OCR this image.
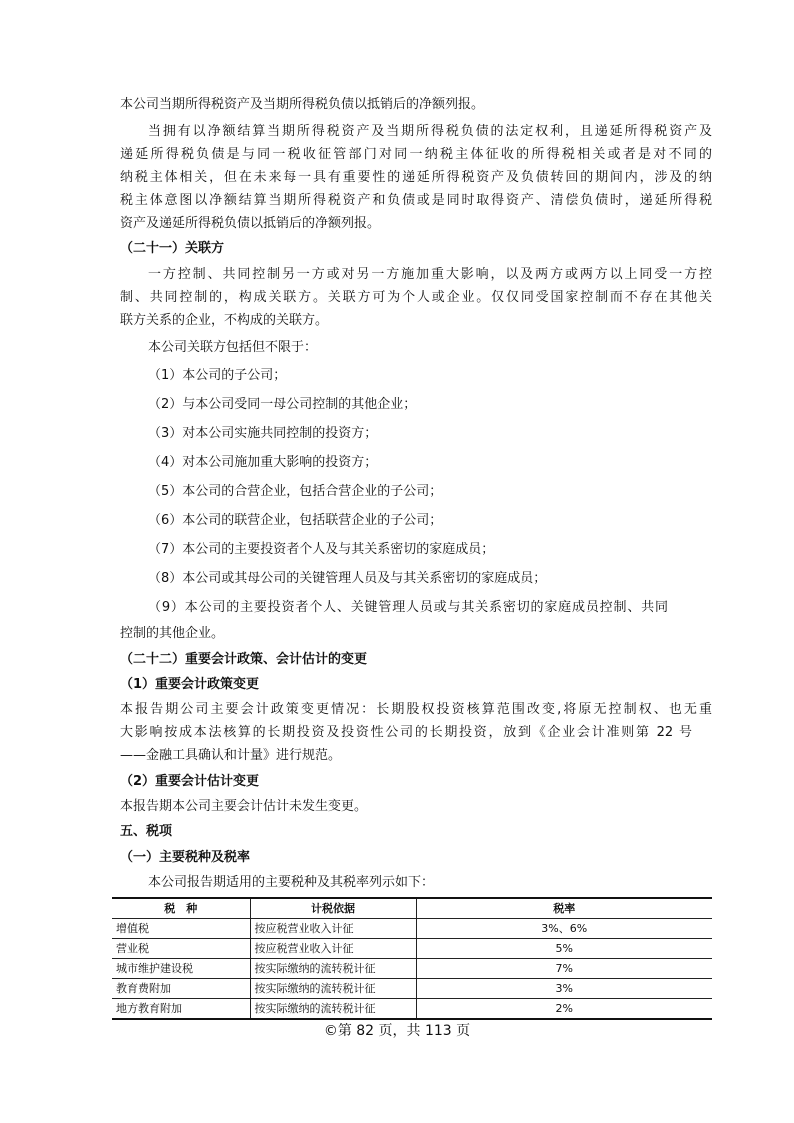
本公司当期所得税资产及当期所得税负债以抵销后的净额列报。
当拥有以净额结算当期所得税资产及当期所得税负债的法定权利，且递延所得税资产及
递延所得税负债是与同一税收征管部门对同一纳税主体征收的所得税相关或者是对不同的
纳税主体相关，但在未来每一具有重要性的递延所得税资产及负债转回的期间内，涉及的纳
税主体意图以净额结算当期所得税资产和负债或是同时取得资产、清偿负债时，递延所得税
资产及递延所得税负债以抵销后的净额列报。
（二十一）关联方
一方控制、共同控制另一方或对另一方施加重大影响，以及两方或两方以上同受一方控
制、共同控制的，构成关联方。关联方可为个人或企业。仅仅同受国家控制而不存在其他关
联方关系的企业，不构成的关联方。
本公司关联方包括但不限于：
（1）本公司的子公司；
（2）与本公司受同一母公司控制的其他企业；
（3）对本公司实施共同控制的投资方；
（4）对本公司施加重大影响的投资方；
（5）本公司的合营企业，包括合营企业的子公司；
（6）本公司的联营企业，包括联营企业的子公司；
（7）本公司的主要投资者个人及与其关系密切的家庭成员；
（8）本公司或其母公司的关键管理人员及与其关系密切的家庭成员；
（9）本公司的主要投资者个人、关键管理人员或与其关系密切的家庭成员控制、共同
控制的其他企业。
（二十二）重要会计政策、会计估计的变更
（1）重要会计政策变更
本报告期公司主要会计政策变更情况：长期股权投资核算范围改变,将原无控制权、也无重
大影响按成本法核算的长期投资及投资性公司的长期投资，放到《企业会计准则第 22 号
——金融工具确认和计量》进行规范。
（2）重要会计估计变更
本报告期本公司主要会计估计未发生变更。
五、税项
（一）主要税种及税率
本公司报告期适用的主要税种及其税率列示如下：
税　种	计税依据	税率
增值税	按应税营业收入计征	3%、6%
营业税	按应税营业收入计征	5%
城市维护建设税	按实际缴纳的流转税计征	7%
教育费附加	按实际缴纳的流转税计征	3%
地方教育附加	按实际缴纳的流转税计征	2%
©第 82 页，共 113 页
